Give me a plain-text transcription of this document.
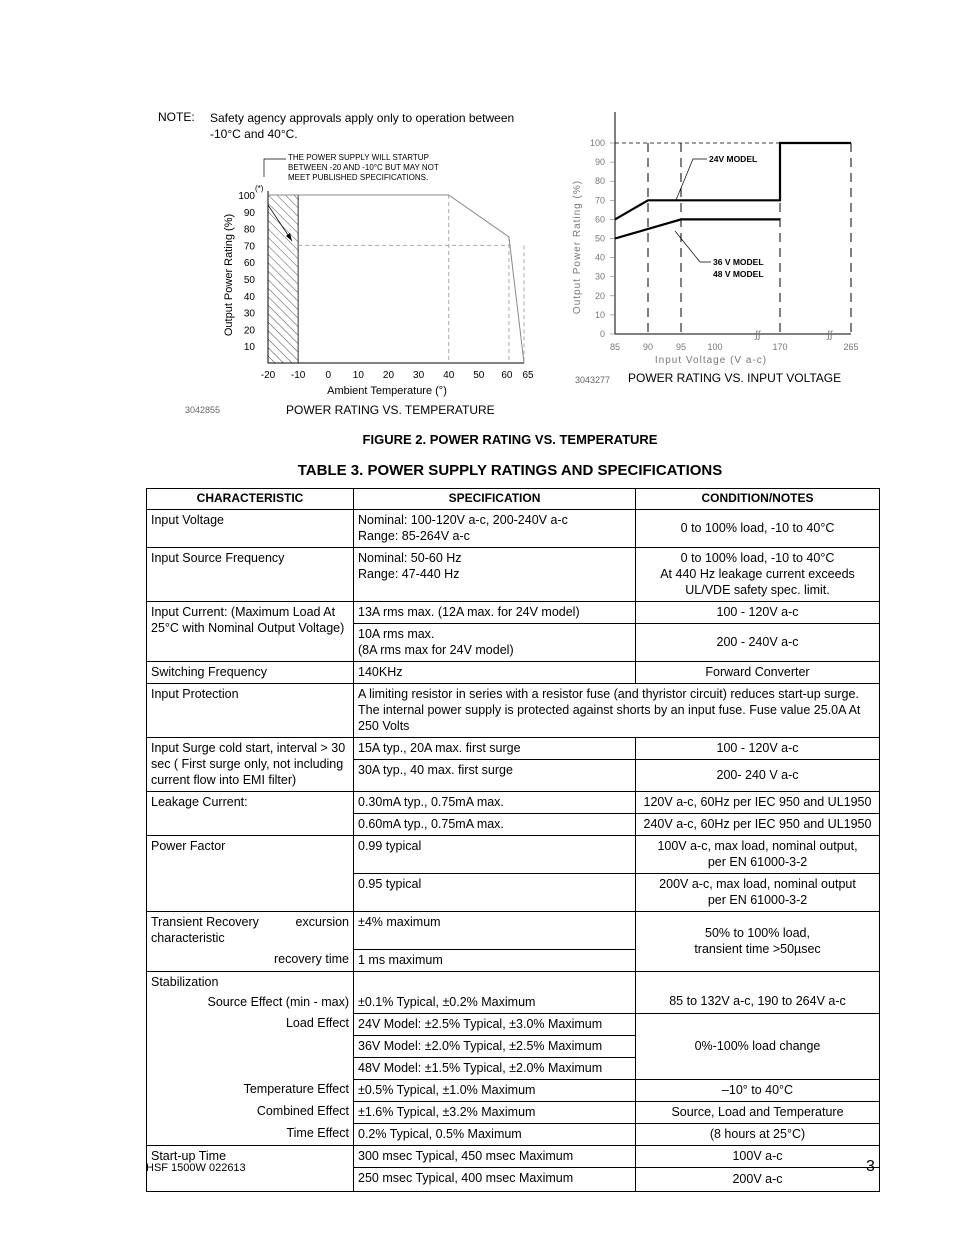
NOTE: Safety agency approvals apply only to operation between -10°C and 40°C.
THE POWER SUPPLY WILL STARTUP
BETWEEN -20 AND -10°C BUT MAY NOT
MEET PUBLISHED SPECIFICATIONS.
Output Power Rating (%)
10
20
30
40
50
60
70
80
90
100
(*)
-20 -10 0 10 20 30 40 50 60 65
Ambient Temperature (°)
3042855	POWER RATING VS. TEMPERATURE
Output Power Rating (%)
∫∫	∫∫
0
10
20
30
40
50
60
70
80
90
100
85	90	95 100	170	265
Input Voltage (V a-c)
24V MODEL
36 V MODEL
48 V MODEL
3043277 POWER RATING VS. INPUT VOLTAGE
FIGURE 2. POWER RATING VS. TEMPERATURE
TABLE 3. POWER SUPPLY RATINGS AND SPECIFICATIONS
CHARACTERISTIC	SPECIFICATION	CONDITION/NOTES
Input Voltage	Nominal: 100-120V a-c, 200-240V a-c
Range: 85-264V a-c	0 to 100% load, -10 to 40°C
Input Source Frequency	Nominal: 50-60 Hz
Range: 47-440 Hz	0 to 100% load, -10 to 40°C
At 440 Hz leakage current exceeds
UL/VDE safety spec. limit.

Input Current: (Maximum Load At 25°C with Nominal Output Voltage)	13A rms max. (12A max. for 24V model)	100 - 120V a-c

	10A rms max.
(8A rms max for 24V model)	200 - 240V a-c
Switching Frequency	140KHz	Forward Converter
Input Protection	A limiting resistor in series with a resistor fuse (and thyristor circuit) reduces start-up surge. The internal power supply is protected against shorts by an input fuse. Fuse value 25.0A At 250 Volts	
Input Surge cold start, interval > 30 sec ( First surge only, not including current flow into EMI filter)	15A typ., 20A max. first surge	100 - 120V a-c
	30A typ., 40 max. first surge	200- 240 V a-c
Leakage Current:	0.30mA typ., 0.75mA max.	120V a-c, 60Hz per IEC 950 and UL1950
	0.60mA typ., 0.75mA max.	240V a-c, 60Hz per IEC 950 and UL1950
Power Factor	0.99 typical	100V a-c, max load, nominal output,
per EN 61000-3-2

	0.95 typical	200V a-c, max load, nominal output
per EN 61000-3-2

Transient Recovery excursion
characteristic	±4% maximum	50% to 100% load,
transient time >50µsec

recovery time	1 ms maximum	

Stabilization
Source Effect (min - max)	±0.1% Typical, ±0.2% Maximum	85 to 132V a-c, 190 to 264V a-c

Load Effect	24V Model: ±2.5% Typical, ±3.0% Maximum	0%-100% load change
	36V Model: ±2.0% Typical, ±2.5% Maximum	
	48V Model: ±1.5% Typical, ±2.0% Maximum	
Temperature Effect	±0.5% Typical, ±1.0% Maximum	–10° to 40°C
Combined Effect	±1.6% Typical, ±3.2% Maximum	Source, Load and Temperature
Time Effect	0.2% Typical, 0.5% Maximum	(8 hours at 25°C)
Start-up Time	300 msec Typical, 450 msec Maximum	100V a-c
	250 msec Typical, 400 msec Maximum	200V a-c
HSF 1500W 022613	3
